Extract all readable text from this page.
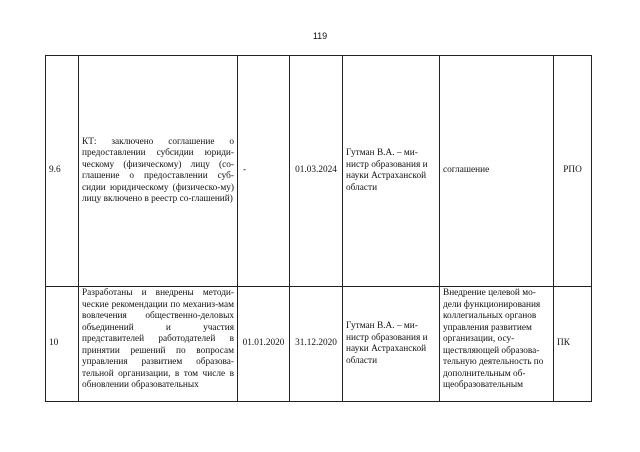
119
9.6	КТ: заключено соглашение о предоставлении субсидии юриди-ческому (физическому) лицу (со-глашение о предоставлении суб-сидии юридическому (физическо-му) лицу включено в реестр со-глашений)	-	01.03.2024	Гутман В.А. – ми-нистр образования и науки Астраханской области	соглашение	РПО
10	Разработаны и внедрены методи-ческие рекомендации по механиз-мам вовлечения общественно-деловых объединений и участия представителей работодателей в принятии решений по вопросам управления развитием образова-тельной организации, в том числе в обновлении образовательных	01.01.2020	31.12.2020	Гутман В.А. – ми-нистр образования и науки Астраханской области	Внедрение целевой мо-дели функционирования коллегиальных органов управления развитием организации, осу-ществляющей образова-тельную деятельность по дополнительным об-щеобразовательным	ПК
